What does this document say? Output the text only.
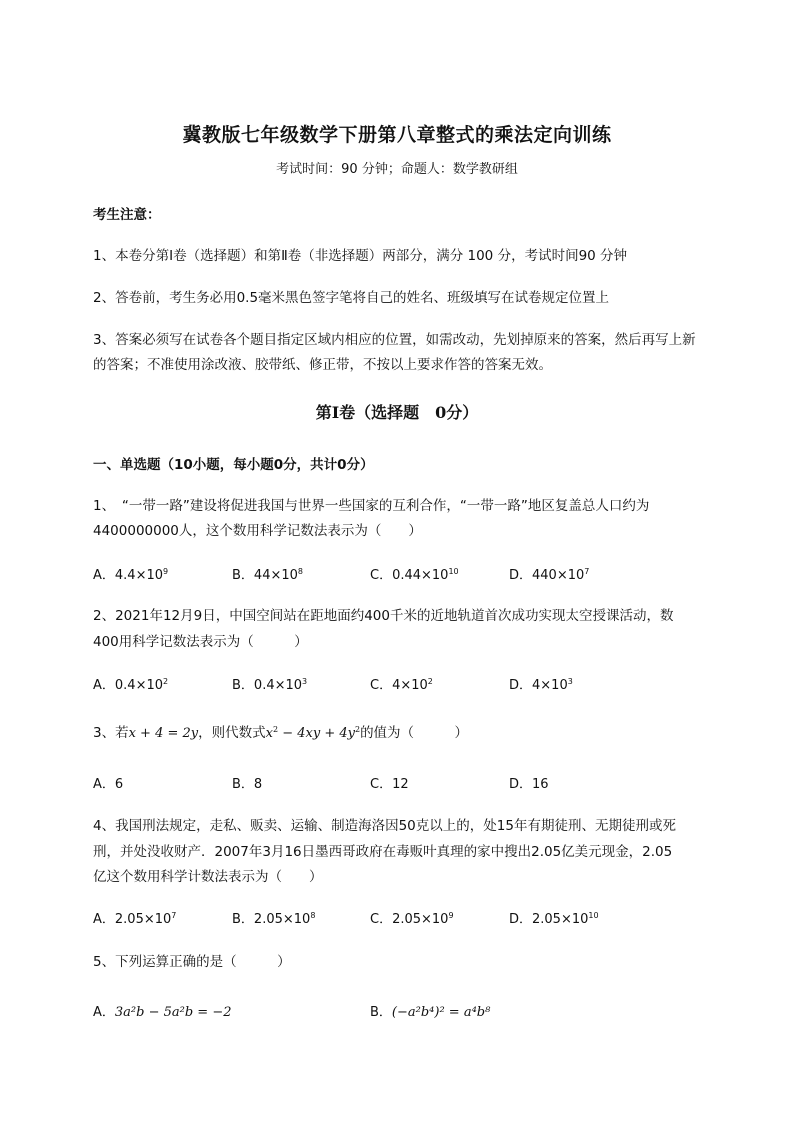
冀教版七年级数学下册第八章整式的乘法定向训练
考试时间：90 分钟；命题人：数学教研组
考生注意：
1、本卷分第Ⅰ卷（选择题）和第Ⅱ卷（非选择题）两部分，满分 100 分，考试时间90 分钟
2、答卷前，考生务必用0.5毫米黑色签字笔将自己的姓名、班级填写在试卷规定位置上
3、答案必须写在试卷各个题目指定区域内相应的位置，如需改动，先划掉原来的答案，然后再写上新
的答案；不准使用涂改液、胶带纸、修正带，不按以上要求作答的答案无效。
第Ⅰ卷（选择题　0分）
一、单选题（10小题，每小题0分，共计0分）
1、　“一带一路”建设将促进我国与世界一些国家的互利合作，“一带一路”地区复盖总人口约为
4400000000人，这个数用科学记数法表示为（　　）
A．$4.4\times 10^9$	B．$44\times 10^8$	C．$0.44\times 10^{10}$	D．$440\times 10^7$
2、2021年12月9日，中国空间站在距地面约400千米的近地轨道首次成功实现太空授课活动，数
400用科学记数法表示为（　　　）
A．$0.4\times 10^2$	B．$0.4\times 10^3$	C．$4\times 10^2$	D．$4\times 10^3$
3、若x + 4 = 2y，则代数式$x^2 - 4xy + 4y^2$的值为（　　　）
A．6	B．8	C．12	D．16
4、我国刑法规定，走私、贩卖、运输、制造海洛因50克以上的，处15年有期徒刑、无期徒刑或死
刑，并处没收财产．2007年3月16日墨西哥政府在毒贩叶真理的家中搜出2.05亿美元现金，2.05
亿这个数用科学计数法表示为（　　）
A．$2.05\times 10^7$	B．$2.05\times 10^8$	C．$2.05\times 10^9$	D．$2.05\times 10^{10}$
5、下列运算正确的是（　　　）
A．3a²b − 5a²b = −2	B．(−a²b⁴)² = a⁴b⁸
